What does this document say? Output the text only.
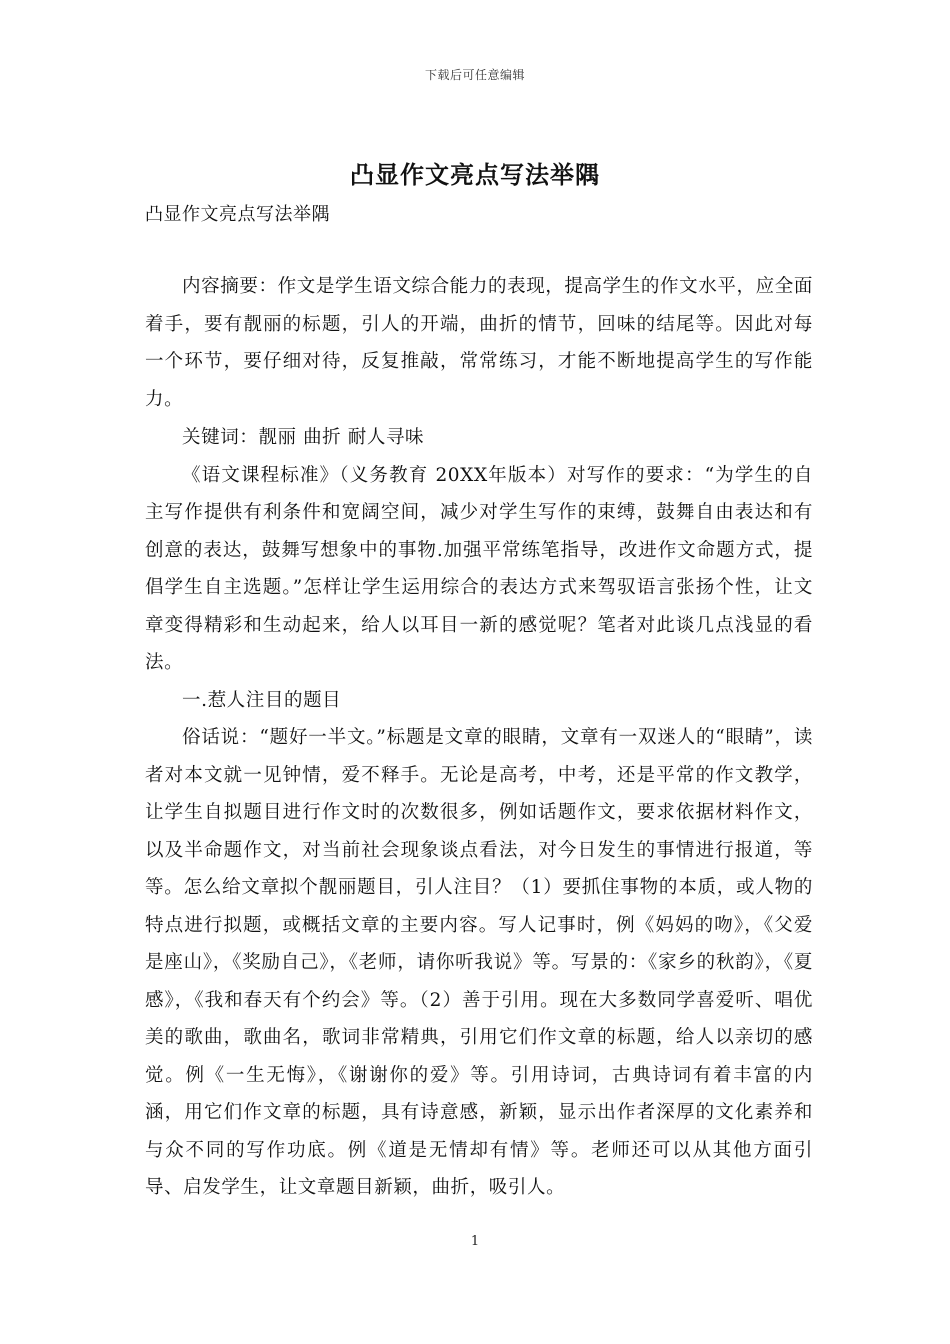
下载后可任意编辑
凸显作文亮点写法举隅
凸显作文亮点写法举隅

内容摘要：作文是学生语文综合能力的表现，提高学生的作文水平，应全面着手，要有靓丽的标题，引人的开端，曲折的情节，回味的结尾等。因此对每一个环节，要仔细对待，反复推敲，常常练习，才能不断地提高学生的写作能力。

关键词：靓丽 曲折 耐人寻味

《语文课程标准》（义务教育 20XX年版本）对写作的要求：“为学生的自主写作提供有利条件和宽阔空间，减少对学生写作的束缚，鼓舞自由表达和有创意的表达，鼓舞写想象中的事物.加强平常练笔指导，改进作文命题方式，提倡学生自主选题。”怎样让学生运用综合的表达方式来驾驭语言张扬个性，让文章变得精彩和生动起来，给人以耳目一新的感觉呢？笔者对此谈几点浅显的看法。

一.惹人注目的题目

俗话说：“题好一半文。”标题是文章的眼睛，文章有一双迷人的“眼睛”，读者对本文就一见钟情，爱不释手。无论是高考，中考，还是平常的作文教学，让学生自拟题目进行作文时的次数很多，例如话题作文，要求依据材料作文，以及半命题作文，对当前社会现象谈点看法，对今日发生的事情进行报道，等等。怎么给文章拟个靓丽题目，引人注目？（1）要抓住事物的本质，或人物的特点进行拟题，或概括文章的主要内容。写人记事时，例《妈妈的吻》，《父爱是座山》，《奖励自己》，《老师，请你听我说》等。写景的：《家乡的秋韵》，《夏感》，《我和春天有个约会》等。（2）善于引用。现在大多数同学喜爱听、唱优美的歌曲，歌曲名，歌词非常精典，引用它们作文章的标题，给人以亲切的感觉。例《一生无悔》，《谢谢你的爱》等。引用诗词，古典诗词有着丰富的内涵，用它们作文章的标题，具有诗意感，新颖，显示出作者深厚的文化素养和与众不同的写作功底。例《道是无情却有情》等。老师还可以从其他方面引导、启发学生，让文章题目新颖，曲折，吸引人。

1
